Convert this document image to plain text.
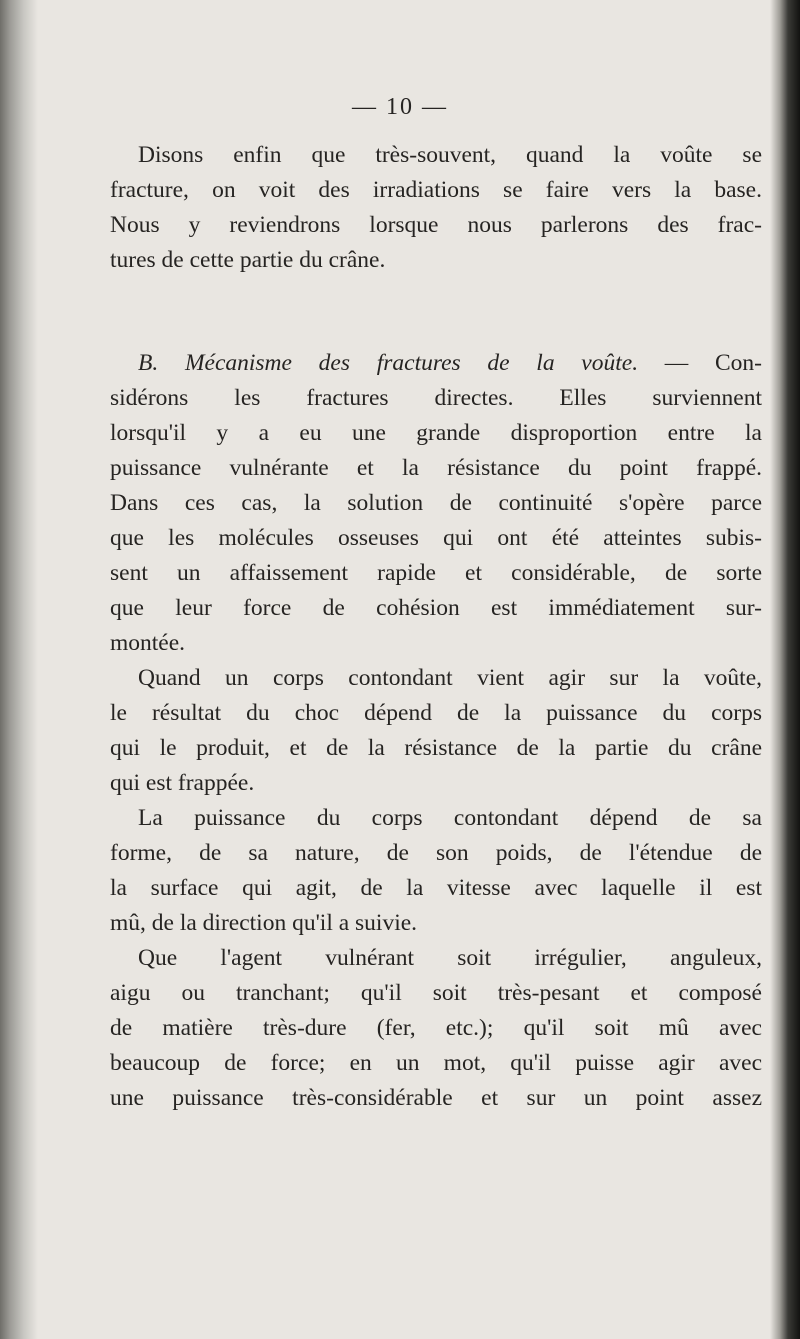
— 10 —
Disons enfin que très-souvent, quand la voûte se
fracture, on voit des irradiations se faire vers la base.
Nous y reviendrons lorsque nous parlerons des frac-
tures de cette partie du crâne.
B. Mécanisme des fractures de la voûte. — Con-
sidérons les fractures directes. Elles surviennent
lorsqu'il y a eu une grande disproportion entre la
puissance vulnérante et la résistance du point frappé.
Dans ces cas, la solution de continuité s'opère parce
que les molécules osseuses qui ont été atteintes subis-
sent un affaissement rapide et considérable, de sorte
que leur force de cohésion est immédiatement sur-
montée.
Quand un corps contondant vient agir sur la voûte,
le résultat du choc dépend de la puissance du corps
qui le produit, et de la résistance de la partie du crâne
qui est frappée.
La puissance du corps contondant dépend de sa
forme, de sa nature, de son poids, de l'étendue de
la surface qui agit, de la vitesse avec laquelle il est
mû, de la direction qu'il a suivie.
Que l'agent vulnérant soit irrégulier, anguleux,
aigu ou tranchant; qu'il soit très-pesant et composé
de matière très-dure (fer, etc.); qu'il soit mû avec
beaucoup de force; en un mot, qu'il puisse agir avec
une puissance très-considérable et sur un point assez
